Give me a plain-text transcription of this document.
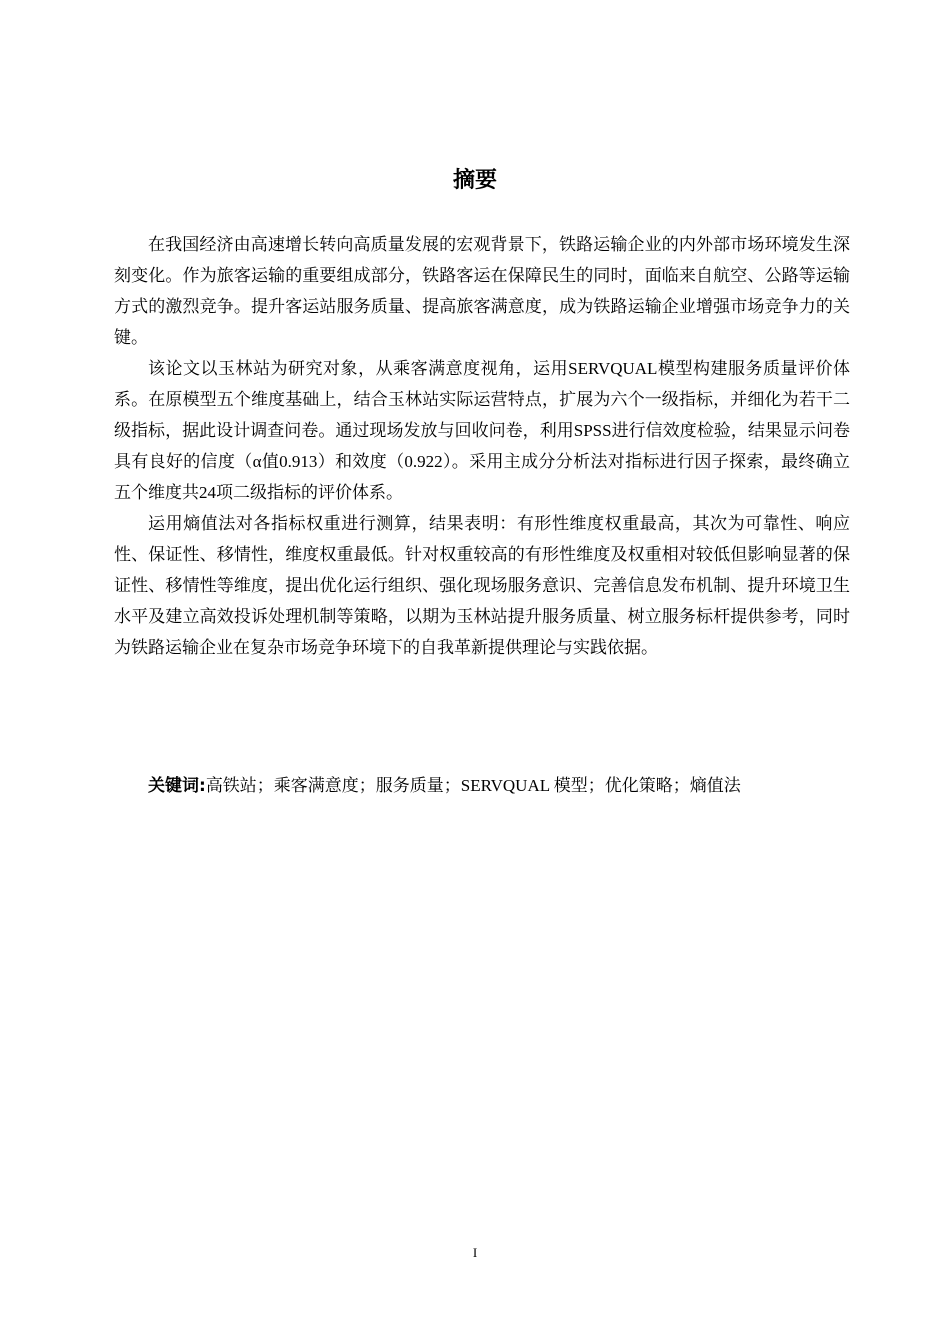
摘要

在我国经济由高速增长转向高质量发展的宏观背景下，铁路运输企业的内外部市场环境发生深刻变化。作为旅客运输的重要组成部分，铁路客运在保障民生的同时，面临来自航空、公路等运输方式的激烈竞争。提升客运站服务质量、提高旅客满意度，成为铁路运输企业增强市场竞争力的关键。

该论文以玉林站为研究对象，从乘客满意度视角，运用SERVQUAL模型构建服务质量评价体系。在原模型五个维度基础上，结合玉林站实际运营特点，扩展为六个一级指标，并细化为若干二级指标，据此设计调查问卷。通过现场发放与回收问卷，利用SPSS进行信效度检验，结果显示问卷具有良好的信度（α值0.913）和效度（0.922）。采用主成分分析法对指标进行因子探索，最终确立五个维度共24项二级指标的评价体系。

运用熵值法对各指标权重进行测算，结果表明：有形性维度权重最高，其次为可靠性、响应性、保证性、移情性，维度权重最低。针对权重较高的有形性维度及权重相对较低但影响显著的保证性、移情性等维度，提出优化运行组织、强化现场服务意识、完善信息发布机制、提升环境卫生水平及建立高效投诉处理机制等策略，以期为玉林站提升服务质量、树立服务标杆提供参考，同时为铁路运输企业在复杂市场竞争环境下的自我革新提供理论与实践依据。

关键词:高铁站；乘客满意度；服务质量；SERVQUAL 模型；优化策略；熵值法

I
